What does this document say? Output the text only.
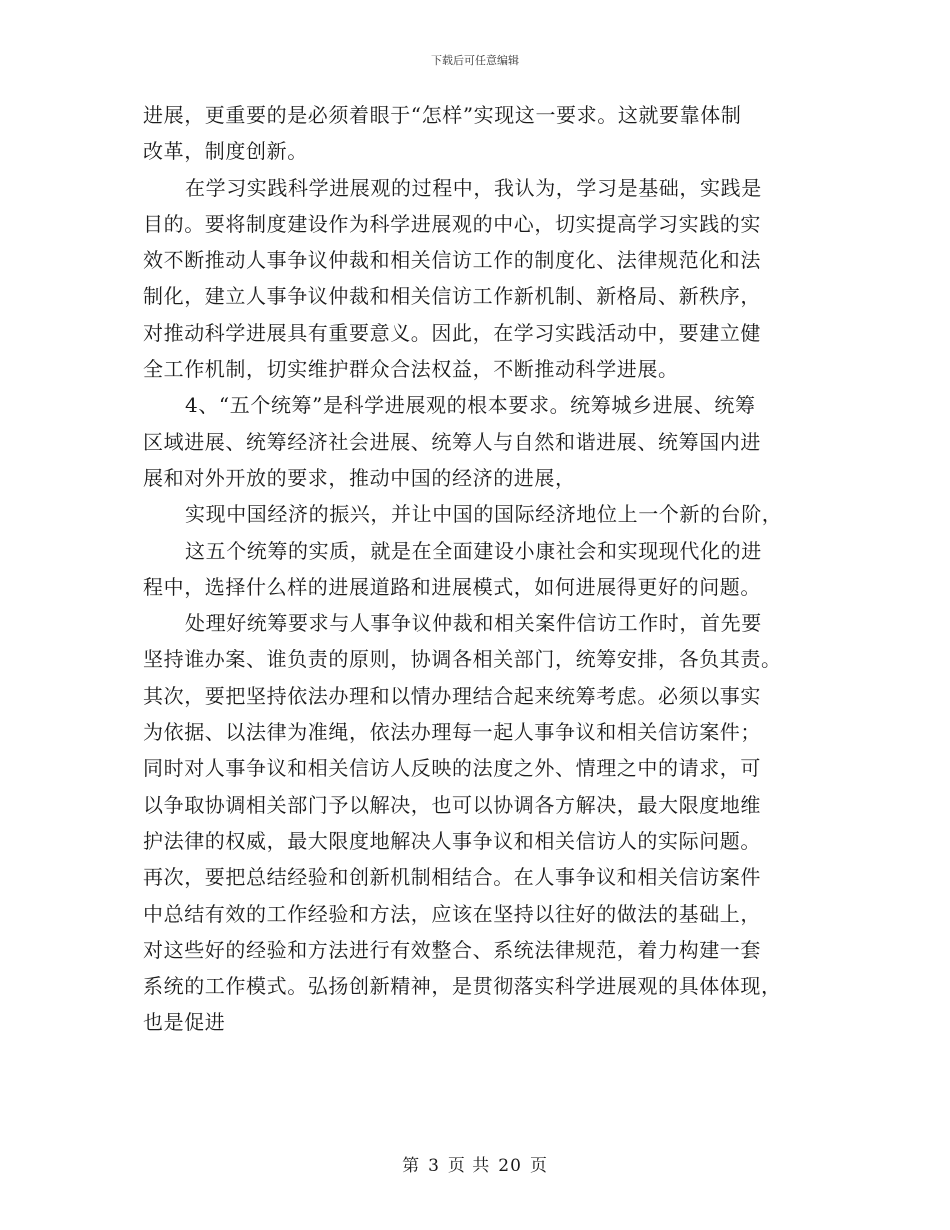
下载后可任意编辑
进展，更重要的是必须着眼于“怎样”实现这一要求。这就要靠体制
改革，制度创新。
在学习实践科学进展观的过程中，我认为，学习是基础，实践是
目的。要将制度建设作为科学进展观的中心，切实提高学习实践的实
效不断推动人事争议仲裁和相关信访工作的制度化、法律规范化和法
制化，建立人事争议仲裁和相关信访工作新机制、新格局、新秩序，
对推动科学进展具有重要意义。因此，在学习实践活动中，要建立健
全工作机制，切实维护群众合法权益，不断推动科学进展。
4、“五个统筹”是科学进展观的根本要求。统筹城乡进展、统筹
区域进展、统筹经济社会进展、统筹人与自然和谐进展、统筹国内进
展和对外开放的要求，推动中国的经济的进展，
实现中国经济的振兴，并让中国的国际经济地位上一个新的台阶，
这五个统筹的实质，就是在全面建设小康社会和实现现代化的进
程中，选择什么样的进展道路和进展模式，如何进展得更好的问题。
处理好统筹要求与人事争议仲裁和相关案件信访工作时，首先要
坚持谁办案、谁负责的原则，协调各相关部门，统筹安排，各负其责。
其次，要把坚持依法办理和以情办理结合起来统筹考虑。必须以事实
为依据、以法律为准绳，依法办理每一起人事争议和相关信访案件；
同时对人事争议和相关信访人反映的法度之外、情理之中的请求，可
以争取协调相关部门予以解决，也可以协调各方解决，最大限度地维
护法律的权威，最大限度地解决人事争议和相关信访人的实际问题。
再次，要把总结经验和创新机制相结合。在人事争议和相关信访案件
中总结有效的工作经验和方法，应该在坚持以往好的做法的基础上，
对这些好的经验和方法进行有效整合、系统法律规范，着力构建一套
系统的工作模式。弘扬创新精神，是贯彻落实科学进展观的具体体现，
也是促进
第 3 页 共 20 页
